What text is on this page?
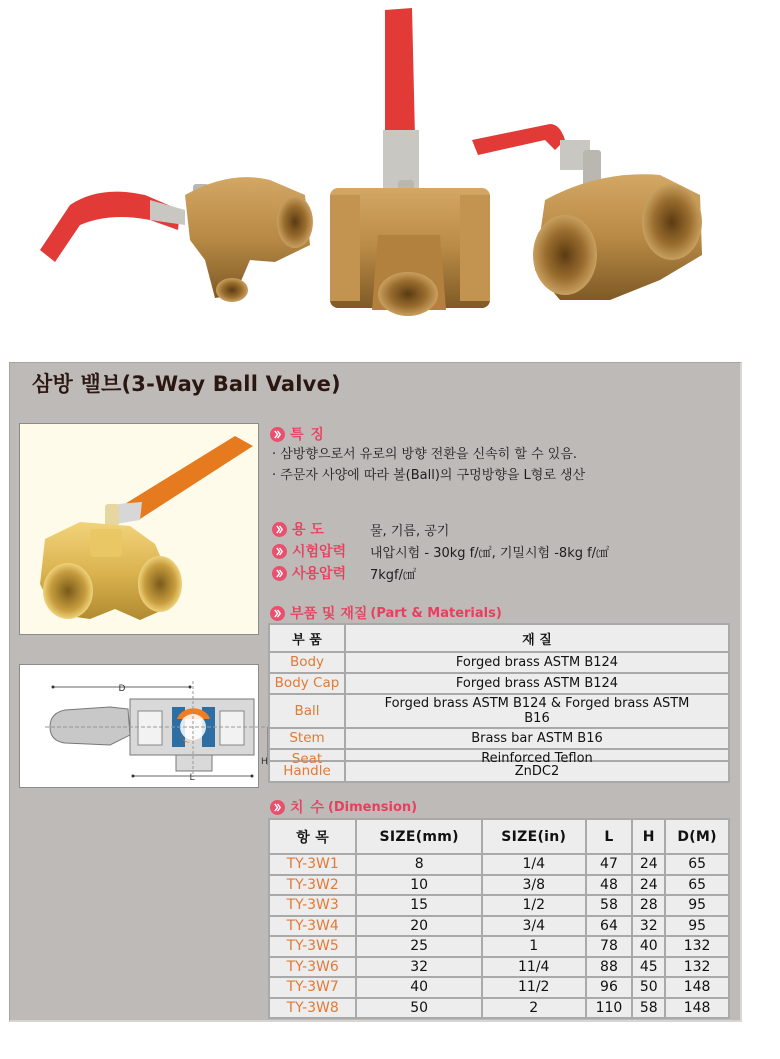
삼방 밸브(3-Way Ball Valve)
D
H
L
특 징
· 삼방향으로서 유로의 방향 전환을 신속히 할 수 있음.
· 주문자 사양에 따라 볼(Ball)의 구멍방향을 L형로 생산
용 도	물, 기름, 공기
시험압력	내압시험 - 30kg f/㎠, 기밀시험 -8kg f/㎠
사용압력	7kgf/㎠
부품 및 재질 (Part & Materials)
부 품	재 질
Body	Forged brass ASTM B124
Body Cap	Forged brass ASTM B124
Ball	Forged brass ASTM B124 & Forged brass ASTM B16
Stem	Brass bar ASTM B16

Seat	Reinforced Teflon

Handle	ZnDC2
치 수 (Dimension)
항 목	SIZE(mm)	SIZE(in)	L	H	D(M)
TY-3W1	8	1/4	47	24	65
TY-3W2	10	3/8	48	24	65
TY-3W3	15	1/2	58	28	95
TY-3W4	20	3/4	64	32	95
TY-3W5	25	1	78	40	132
TY-3W6	32	11/4	88	45	132
TY-3W7	40	11/2	96	50	148
TY-3W8	50	2	110	58	148
